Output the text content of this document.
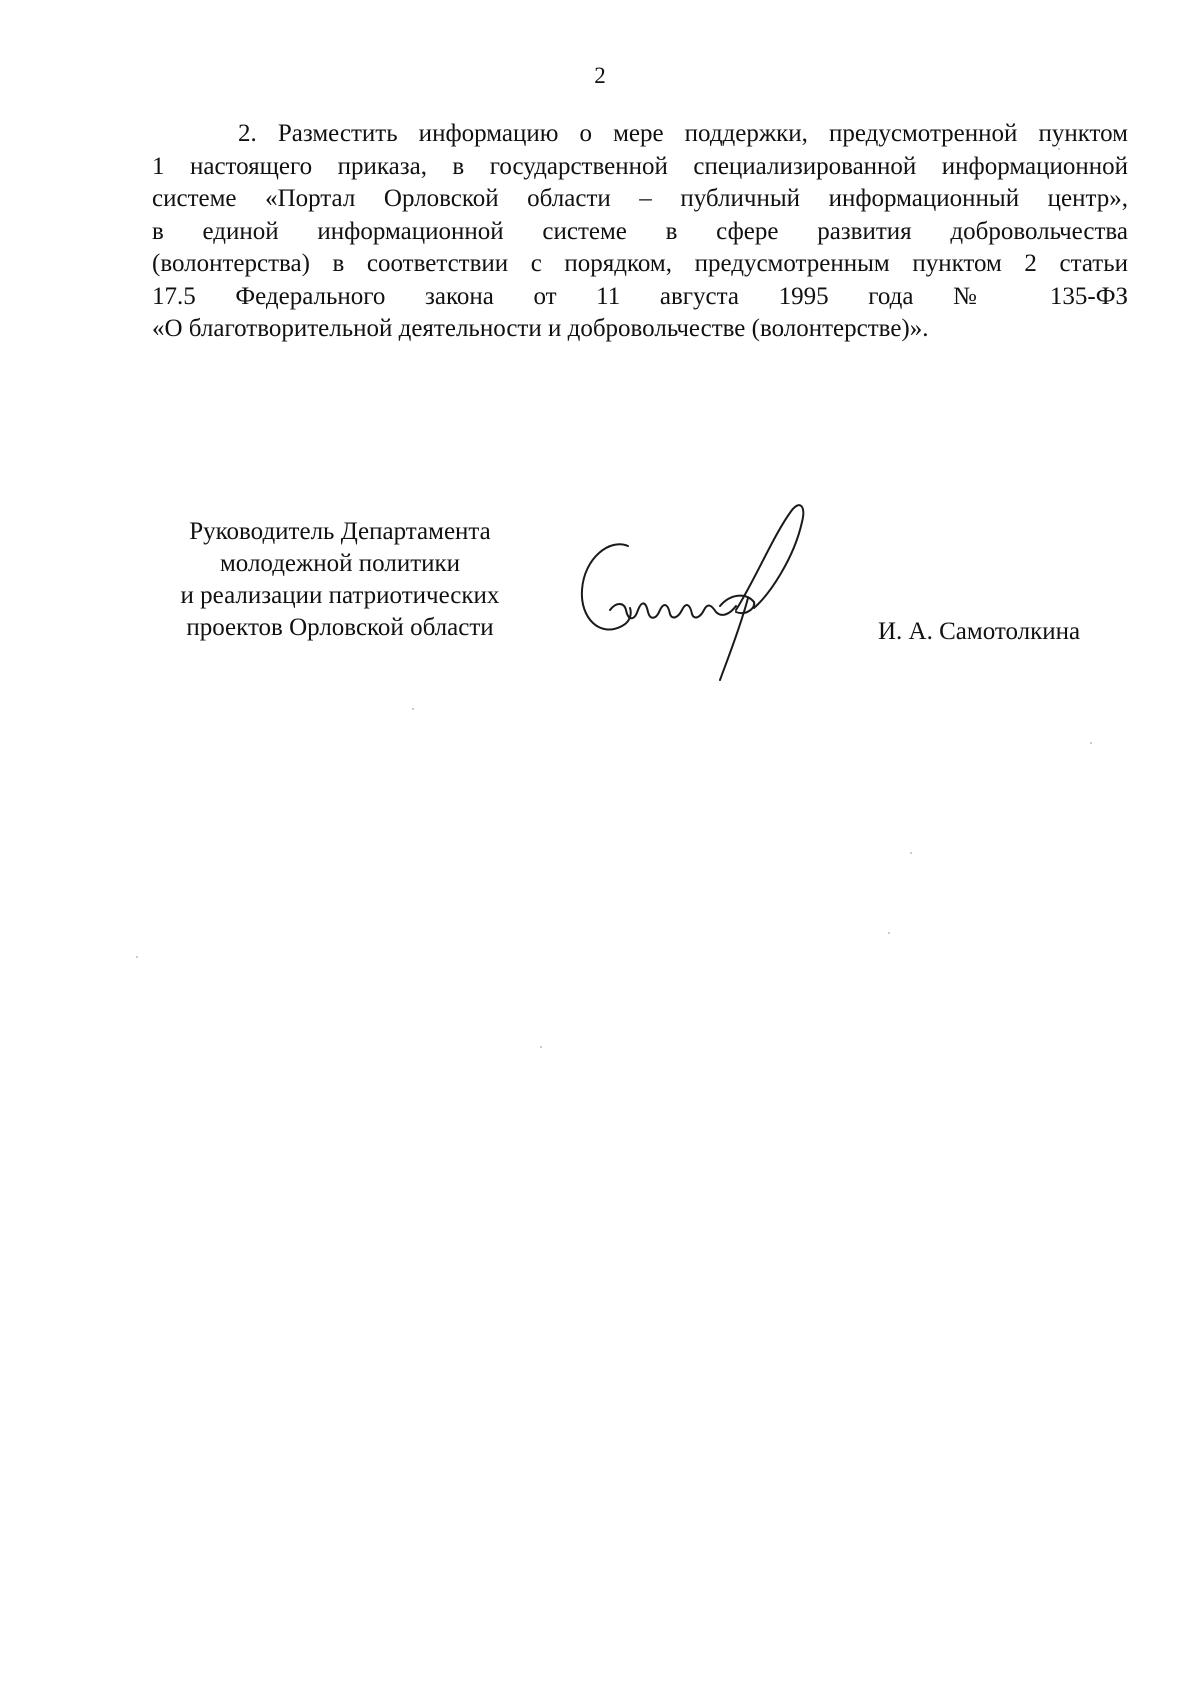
2
2. Разместить информацию о мере поддержки, предусмотренной пунктом
1 настоящего приказа, в государственной специализированной информационной
системе «Портал Орловской области – публичный информационный центр»,
в единой информационной системе в сфере развития добровольчества
(волонтерства) в соответствии с порядком, предусмотренным пунктом 2 статьи
17.5 Федерального закона от 11 августа 1995 года № 135-ФЗ
«О благотворительной деятельности и добровольчестве (волонтерстве)».
Руководитель Департамента
молодежной политики
и реализации патриотических
проектов Орловской области	И. А. Самотолкина
